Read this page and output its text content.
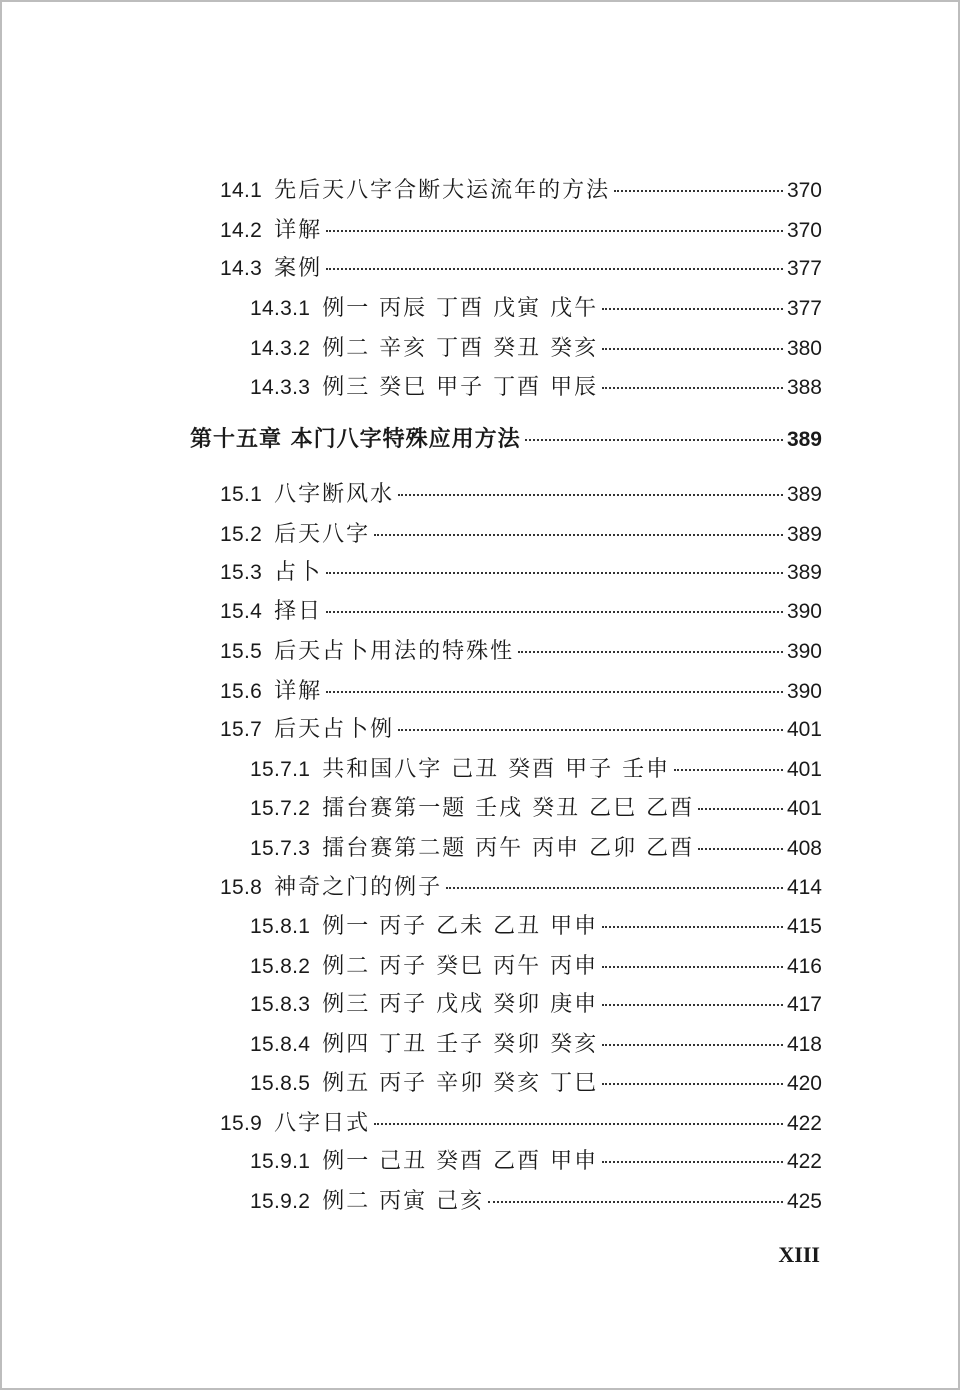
14.1 先后天八字合断大运流年的方法	370
14.2 详解	370
14.3 案例	377
14.3.1 例一 丙辰 丁酉 戊寅 戊午	377
14.3.2 例二 辛亥 丁酉 癸丑 癸亥	380
14.3.3 例三 癸巳 甲子 丁酉 甲辰	388
第十五章 本门八字特殊应用方法	389
15.1 八字断风水	389
15.2 后天八字	389
15.3 占卜	389
15.4 择日	390
15.5 后天占卜用法的特殊性	390
15.6 详解	390
15.7 后天占卜例	401
15.7.1 共和国八字 己丑 癸酉 甲子 壬申	401
15.7.2 擂台赛第一题 壬戌 癸丑 乙巳 乙酉	401
15.7.3 擂台赛第二题 丙午 丙申 乙卯 乙酉	408
15.8 神奇之门的例子	414
15.8.1 例一 丙子 乙未 乙丑 甲申	415
15.8.2 例二 丙子 癸巳 丙午 丙申	416
15.8.3 例三 丙子 戊戌 癸卯 庚申	417
15.8.4 例四 丁丑 壬子 癸卯 癸亥	418
15.8.5 例五 丙子 辛卯 癸亥 丁巳	420
15.9 八字日式	422
15.9.1 例一 己丑 癸酉 乙酉 甲申	422
15.9.2 例二 丙寅 己亥	425
XIII
